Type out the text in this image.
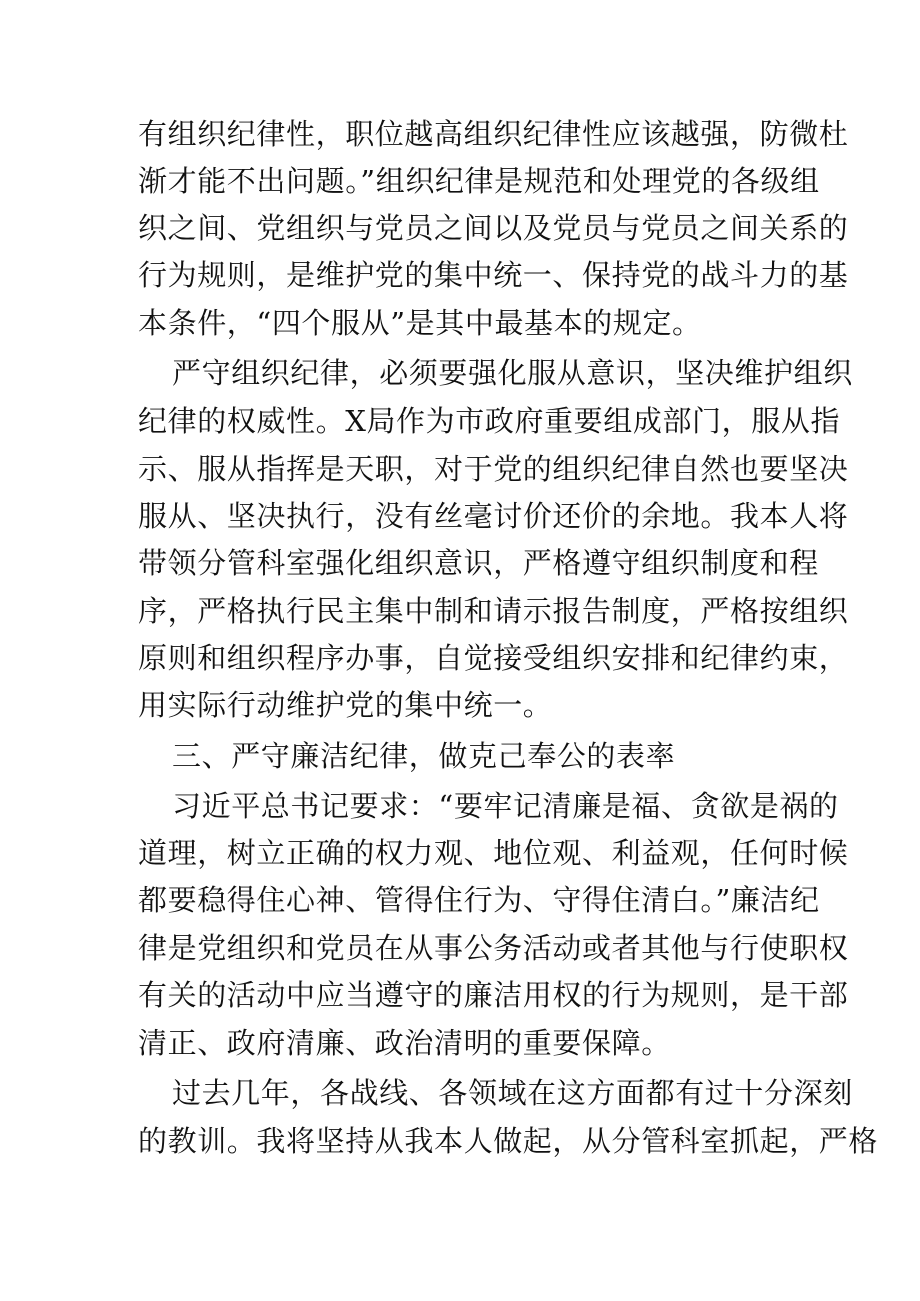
有组织纪律性，职位越高组织纪律性应该越强，防微杜
渐才能不出问题。”组织纪律是规范和处理党的各级组
织之间、党组织与党员之间以及党员与党员之间关系的
行为规则，是维护党的集中统一、保持党的战斗力的基
本条件，“四个服从”是其中最基本的规定。
严守组织纪律，必须要强化服从意识，坚决维护组织
纪律的权威性。X局作为市政府重要组成部门，服从指
示、服从指挥是天职，对于党的组织纪律自然也要坚决
服从、坚决执行，没有丝毫讨价还价的余地。我本人将
带领分管科室强化组织意识，严格遵守组织制度和程
序，严格执行民主集中制和请示报告制度，严格按组织
原则和组织程序办事，自觉接受组织安排和纪律约束，
用实际行动维护党的集中统一。
三、严守廉洁纪律，做克己奉公的表率
习近平总书记要求：“要牢记清廉是福、贪欲是祸的
道理，树立正确的权力观、地位观、利益观，任何时候
都要稳得住心神、管得住行为、守得住清白。”廉洁纪
律是党组织和党员在从事公务活动或者其他与行使职权
有关的活动中应当遵守的廉洁用权的行为规则，是干部
清正、政府清廉、政治清明的重要保障。
过去几年，各战线、各领域在这方面都有过十分深刻
的教训。我将坚持从我本人做起，从分管科室抓起，严格
